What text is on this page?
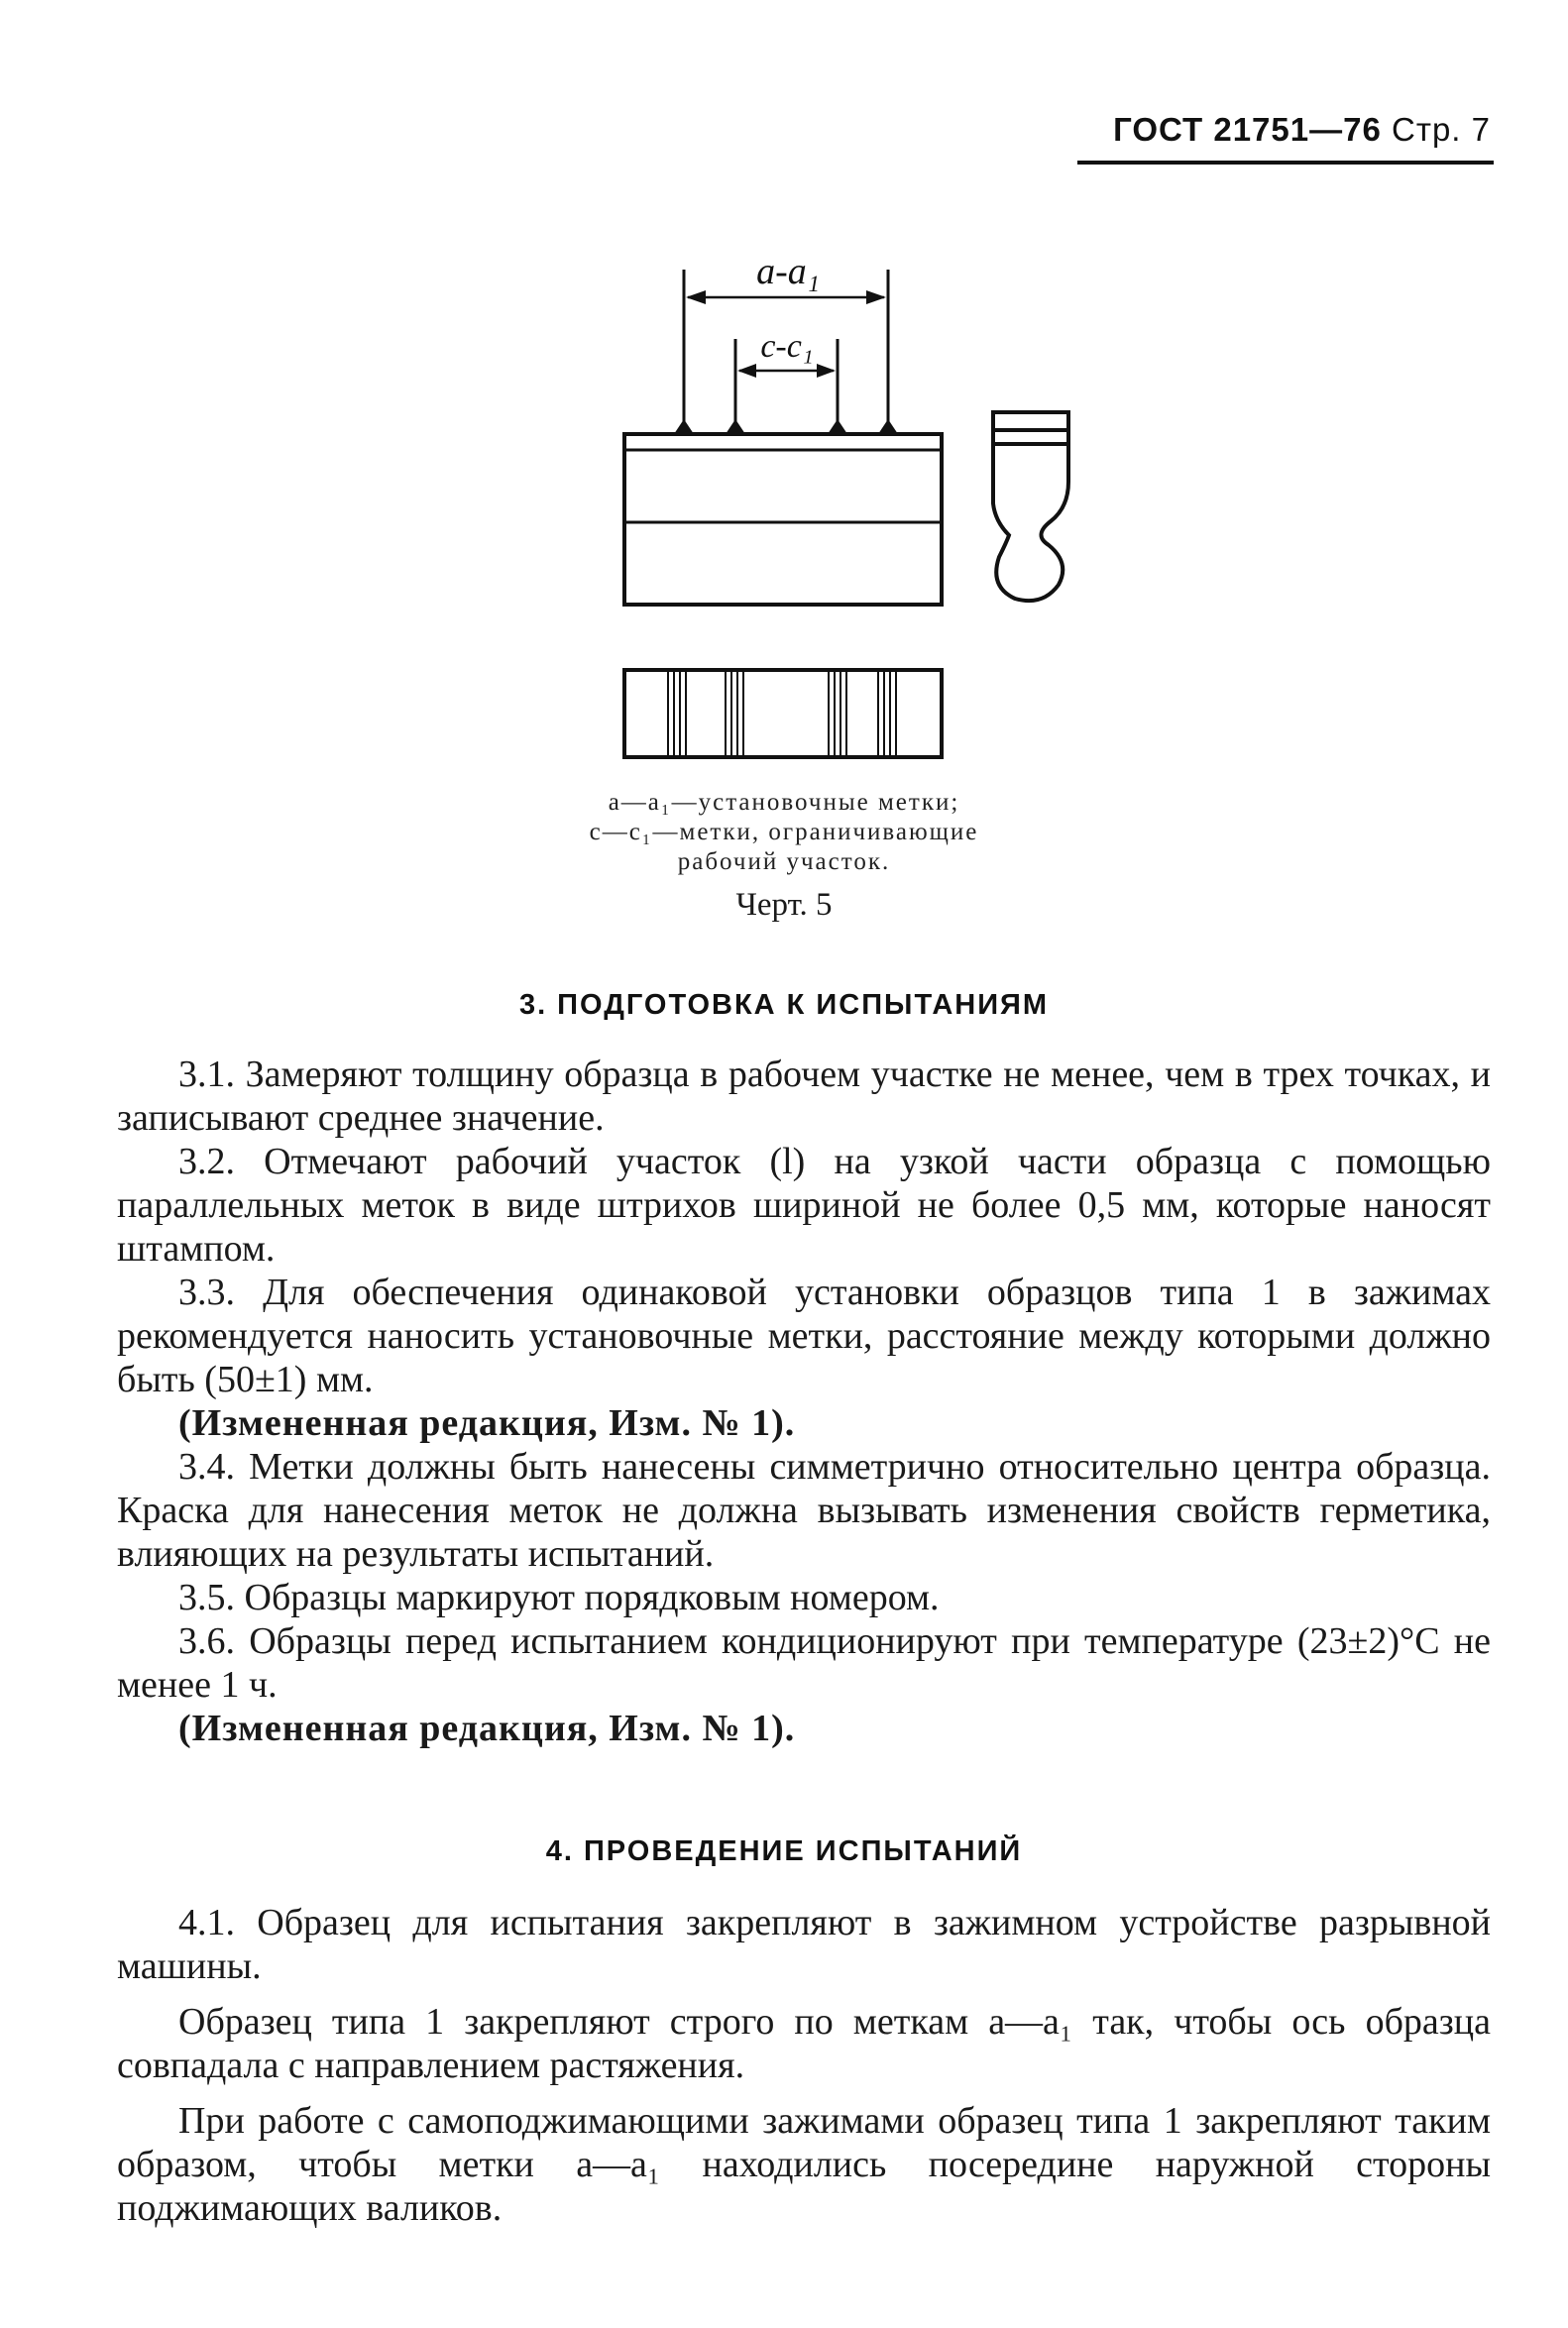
ГОСТ 21751—76 Стр. 7
а-а₁
с-с₁
а—а₁—установочные метки;
с—с₁—метки, ограничивающие
рабочий участок.
Черт. 5
3. ПОДГОТОВКА К ИСПЫТАНИЯМ

3.1. Замеряют толщину образца в рабочем участке не менее, чем в трех точках, и записывают среднее значение.

3.2. Отмечают рабочий участок (l) на узкой части образца с помощью параллельных меток в виде штрихов шириной не более 0,5 мм, которые наносят штампом.

3.3. Для обеспечения одинаковой установки образцов типа 1 в зажимах рекомендуется наносить установочные метки, расстояние между которыми должно быть (50±1) мм.

(Измененная редакция, Изм. № 1).

3.4. Метки должны быть нанесены симметрично относительно центра образца. Краска для нанесения меток не должна вызывать изменения свойств герметика, влияющих на результаты испытаний.

3.5. Образцы маркируют порядковым номером.

3.6. Образцы перед испытанием кондиционируют при температуре (23±2)°С не менее 1 ч.

(Измененная редакция, Изм. № 1).

4. ПРОВЕДЕНИЕ ИСПЫТАНИЙ

4.1. Образец для испытания закрепляют в зажимном устройстве разрывной машины.

Образец типа 1 закрепляют строго по меткам а—а₁ так, чтобы ось образца совпадала с направлением растяжения.

При работе с самоподжимающими зажимами образец типа 1 закрепляют таким образом, чтобы метки а—а₁ находились посередине наружной стороны поджимающих валиков.
